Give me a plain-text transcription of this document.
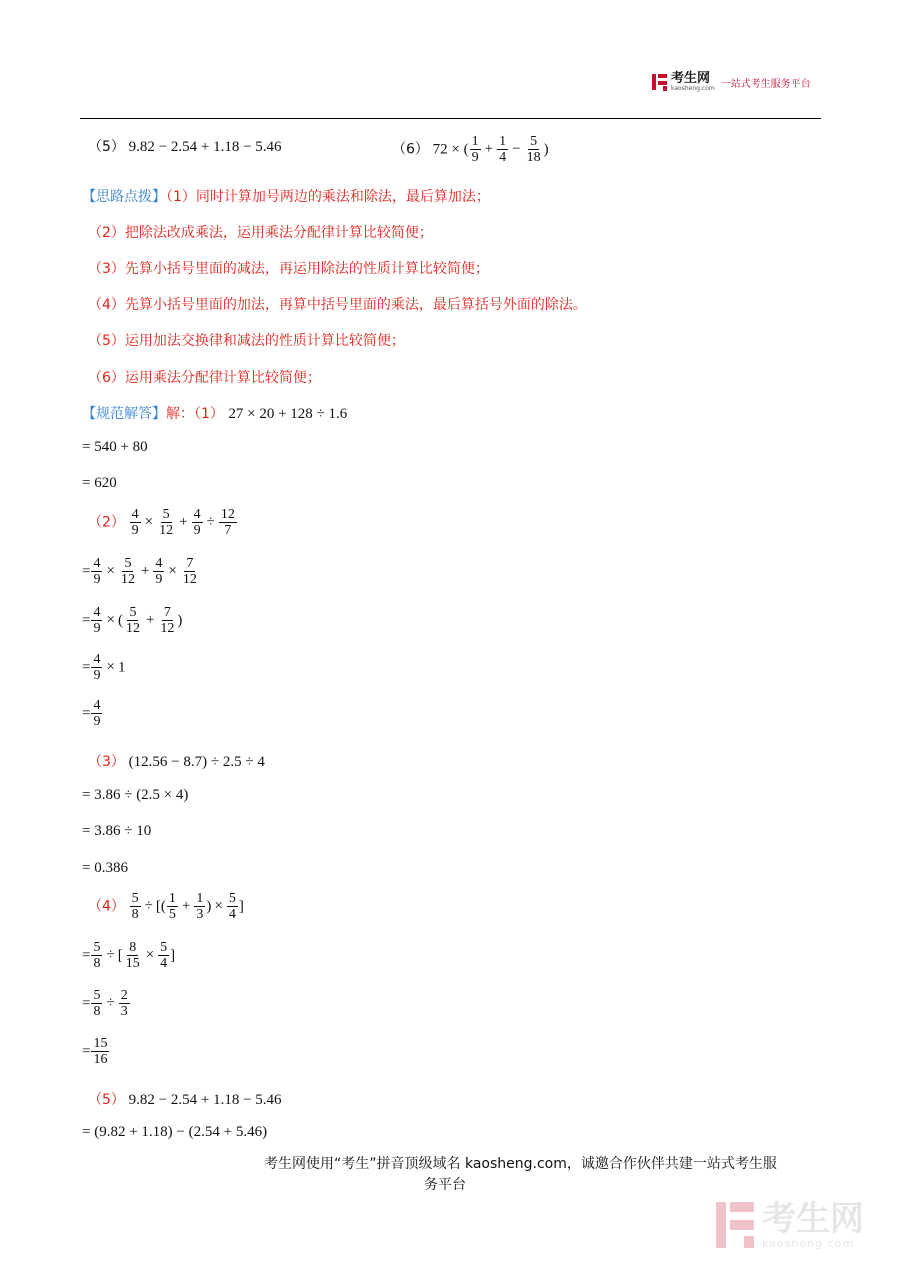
考生网
kaosheng.com 一站式考生服务平台
（5） 9.82 − 2.54 + 1.18 − 5.46	（6） 72 × ( $\frac{1}{9} + \frac{1}{4} - \frac{5}{18}$ )
【思路点拨】（1）同时计算加号两边的乘法和除法，最后算加法；
（2）把除法改成乘法，运用乘法分配律计算比较简便；
（3）先算小括号里面的减法，再运用除法的性质计算比较简便；
（4）先算小括号里面的加法，再算中括号里面的乘法，最后算括号外面的除法。
（5）运用加法交换律和减法的性质计算比较简便；
（6）运用乘法分配律计算比较简便；
【规范解答】解：（1） 27 × 20 + 128 ÷ 1.6
= 540 + 80
= 620
$(2) \frac{4}{9} \times \frac{5}{12} + \frac{4}{9} \div \frac{12}{7}$
= $\frac{4}{9} \times \frac{5}{12} + \frac{4}{9} \times \frac{7}{12}$
= $\frac{4}{9}$ × ( $\frac{5}{12} + \frac{7}{12}$ )
= $\frac{4}{9} \times 1$
= $\frac{4}{9}$
（3） (12.56 − 8.7) ÷ 2.5 ÷ 4
= 3.86 ÷ (2.5 × 4)
= 3.86 ÷ 10
= 0.386
$(4) \frac{5}{8}$ ÷ [( $\frac{1}{5} + \frac{1}{3}$ ) × $\frac{5}{4}$ ]
= $\frac{5}{8}$ ÷ [ $\frac{8}{15} \times \frac{5}{4}$ ]
= $\frac{5}{8} \div \frac{2}{3}$
= $\frac{15}{16}$
（5） 9.82 − 2.54 + 1.18 − 5.46
= (9.82 + 1.18) − (2.54 + 5.46)
考生网使用“考生”拼音顶级域名 kaosheng.com，诚邀合作伙伴共建一站式考生服
务平台
考生网
kaosheng.com
